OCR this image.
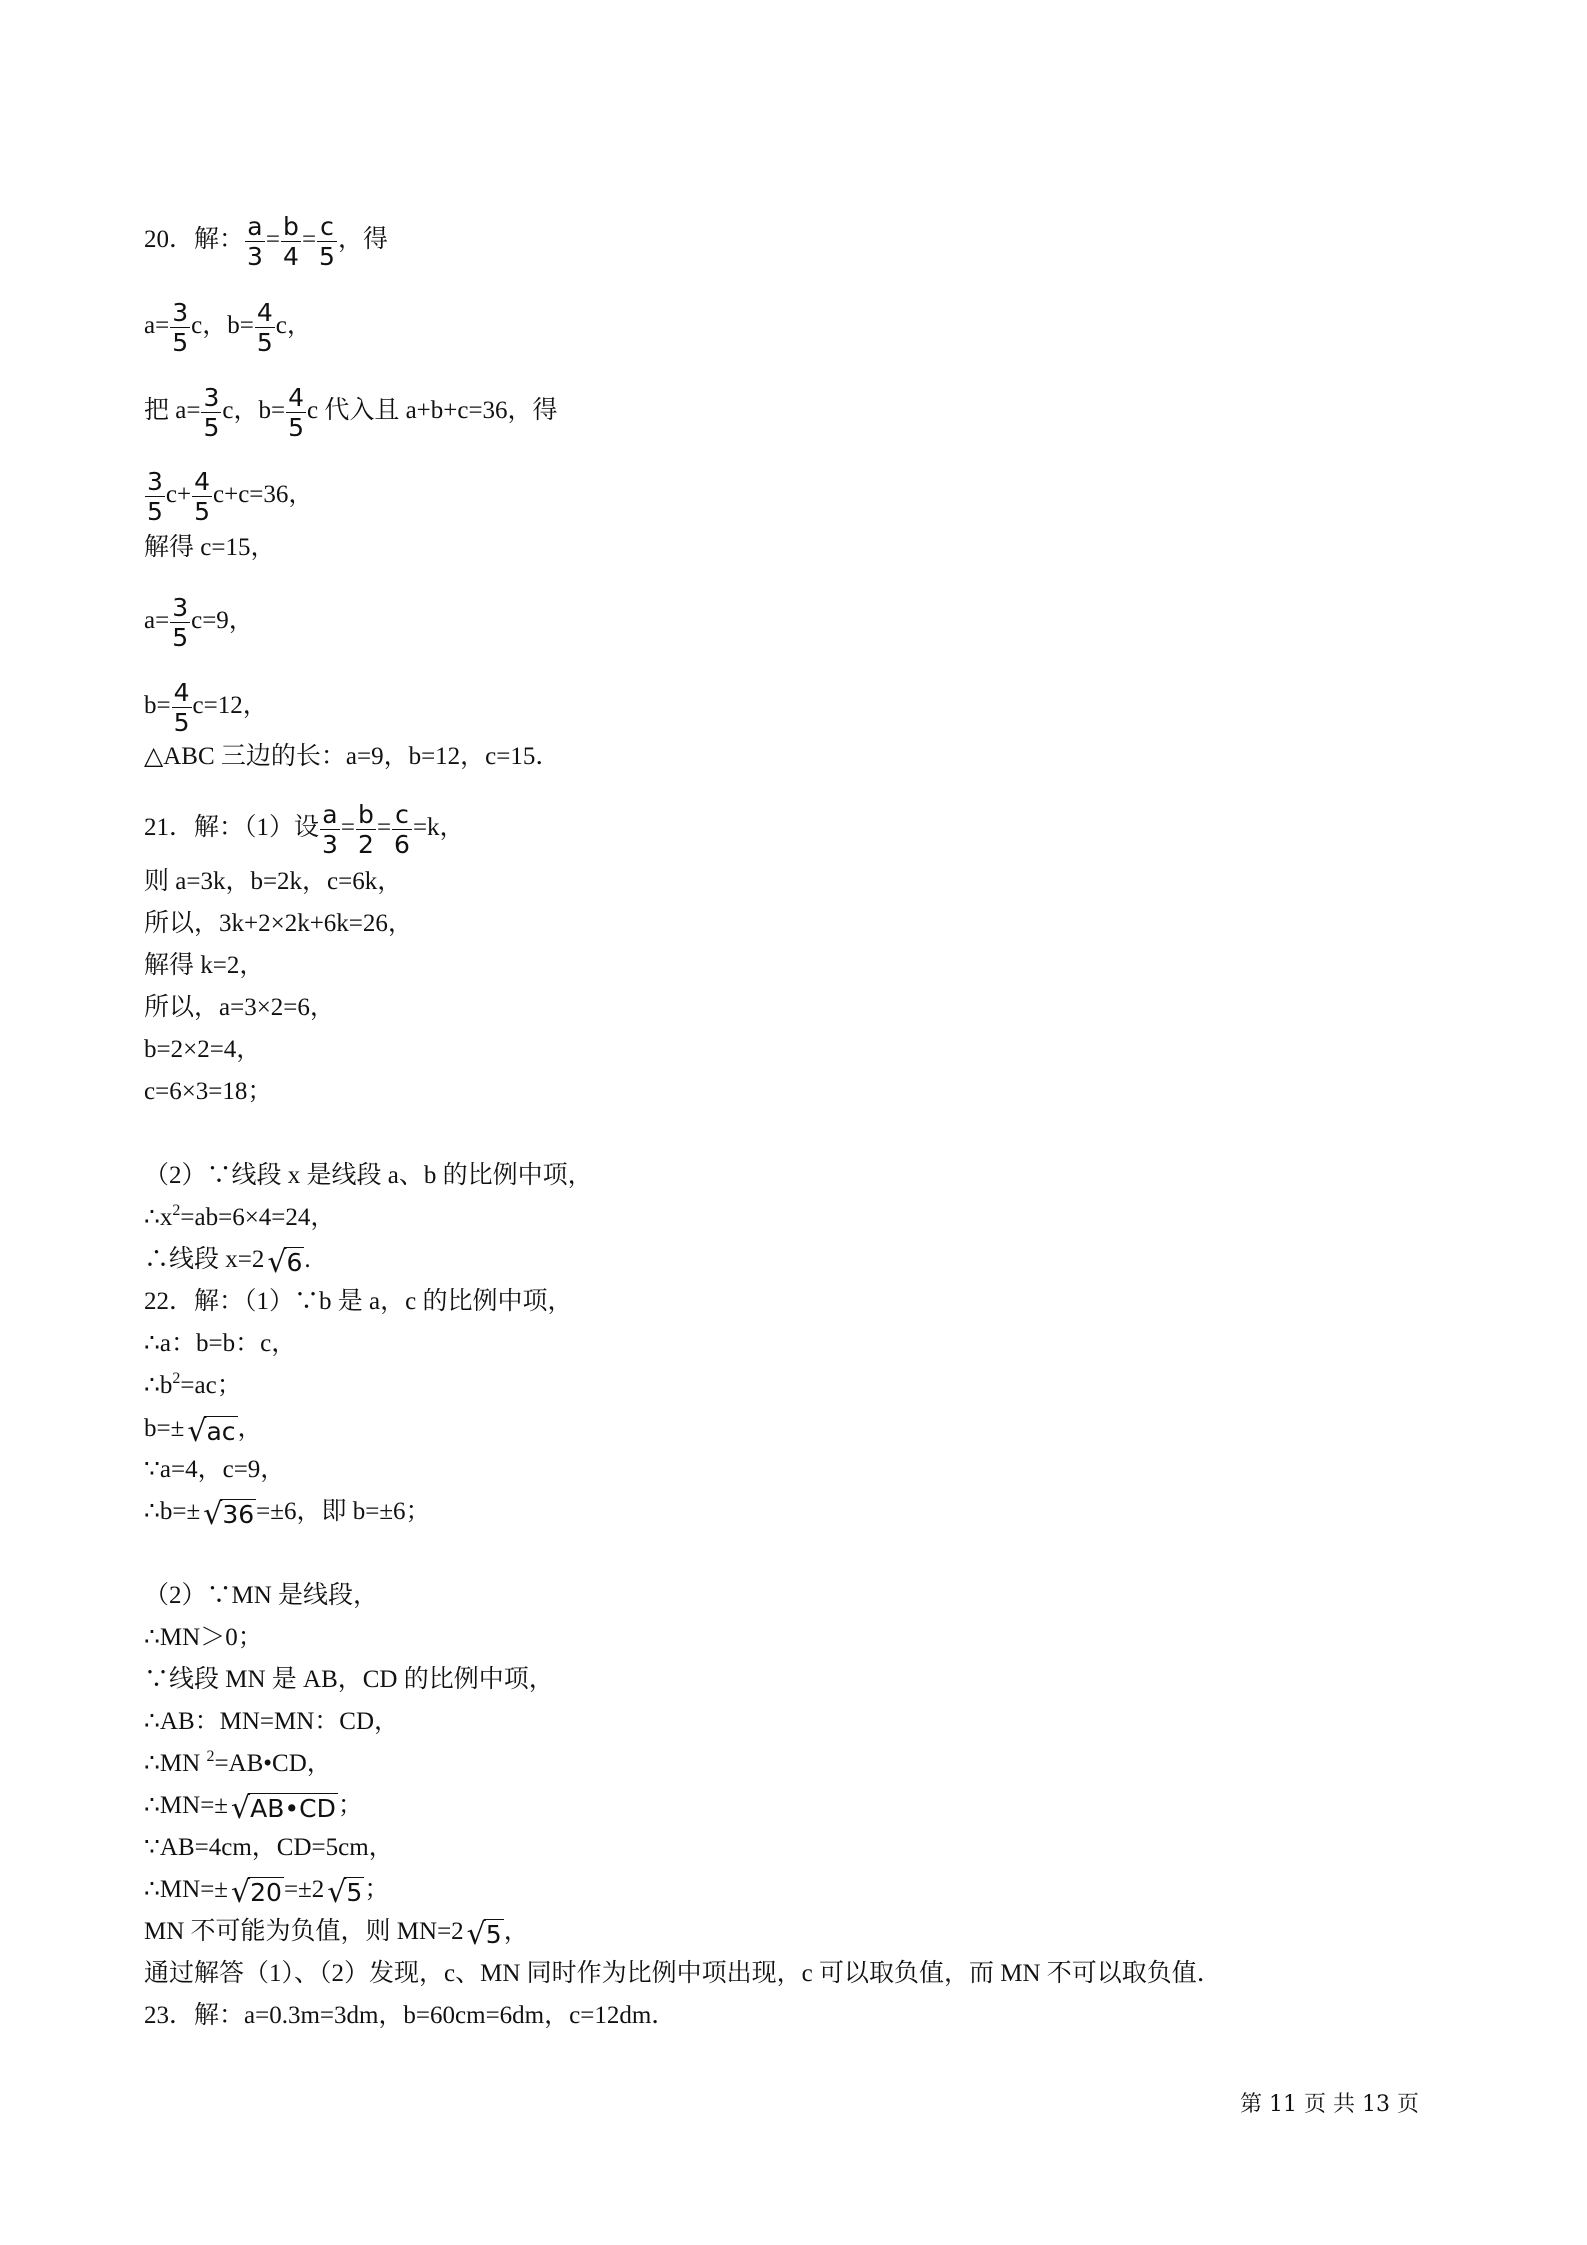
20．解： $\frac{a}{3} = \frac{b}{4} = \frac{c}{5}$ ，得
$a= \frac{3}{5}$ c，$b= \frac{4}{5}$ c，
把 $a= \frac{3}{5}$ c，$b= \frac{4}{5}$ c 代入且 a+b+c=36，得
$\frac{3}{5} c+ \frac{4}{5} c+c=36$，
解得 c=15，
$a= \frac{3}{5} c=9$，
$b= \frac{4}{5} c=12$，
△ABC 三边的长：a=9，b=12，c=15．
21．解：（1）设 $\frac{a}{3} = \frac{b}{2} = \frac{c}{6} =k$，
则 a=3k，b=2k，c=6k，
所以，3k+2×2k+6k=26，
解得 k=2，
所以，a=3×2=6，
b=2×2=4，
c=6×3=18；
（2）∵线段 x 是线段 a、b 的比例中项，
$\therefore x^2=ab=6\times 4=24$，
∴线段 x=2 √ 6 .
22．解：（1）∵b 是 a，c 的比例中项，
∴a：b=b：c，
$\therefore b^2=ac$；
b=± √ ac ，
∵a=4，c=9，
∴b=± √ 36 =±6，即 b=±6；
（2）∵MN 是线段，
∴MN＞0；
∵线段 MN 是 AB，CD 的比例中项，
∴AB：MN=MN：CD，
∴MN $^2$=AB•CD，
∴MN=± √ AB•CD ；
∵AB=4cm，CD=5cm，
∴MN=± √ 20 =±2 √ 5 ；
MN 不可能为负值，则 MN=2 √ 5 ，
通过解答（1）、（2）发现，c、MN 同时作为比例中项出现，c 可以取负值，而 MN 不可以取负值．
23．解：a=0.3m=3dm，b=60cm=6dm，c=12dm．
第 11 页 共 13 页
